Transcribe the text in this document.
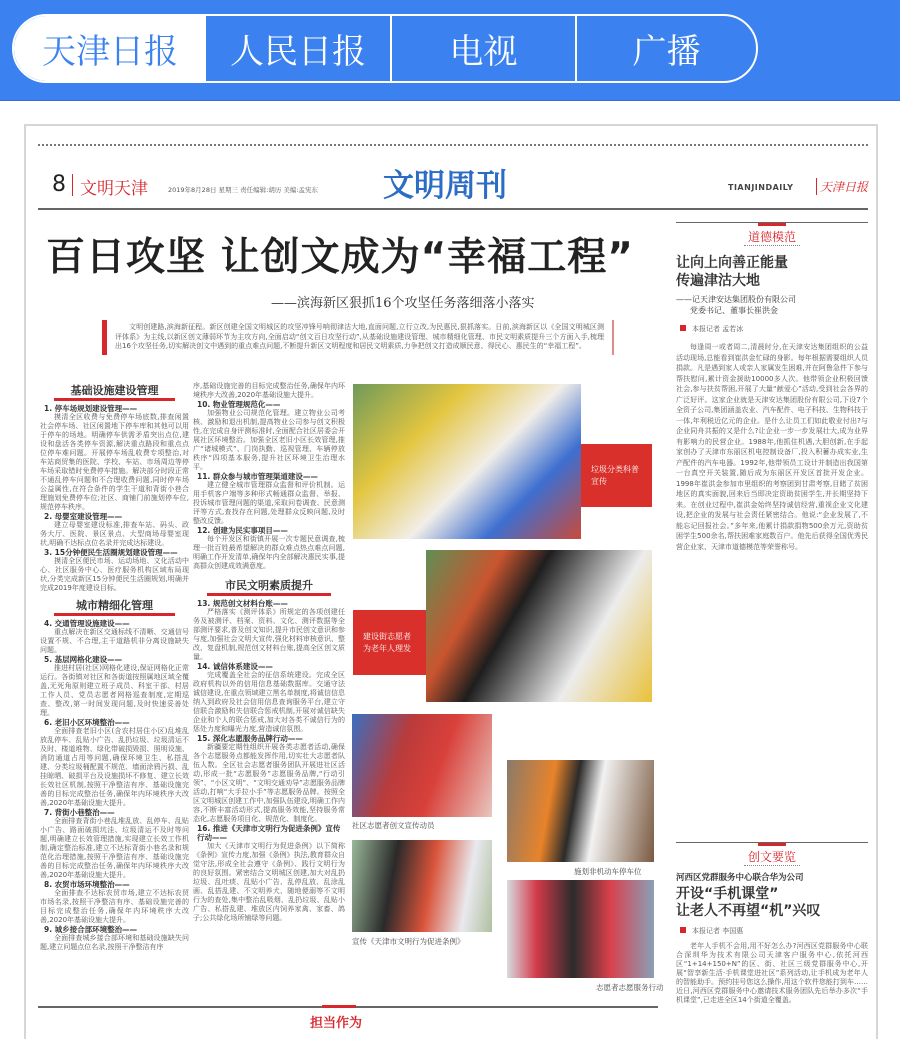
天津日报	人民日报	电视	广播
8 文明天津	2019年8月28日 星期三 责任编辑:胡历 美编:孟宪东 文明周刊	TIANJINDAILY	天津日报
百日攻坚 让创文成为“幸福工程”
——滨海新区狠抓16个攻坚任务落细落小落实
文明创建路,滨海新征程。新区创建全国文明城区的攻坚冲锋号响彻津沽大地,直面问题,立行立改,为民惠民,狠抓落实。日前,滨海新区以《全国文明城区测评体系》为主线,以新区创文薄弱环节为主攻方向,全面启动“创文百日攻坚行动”,从基础设施建设管理、城市精细化管理、市民文明素质提升三个方面入手,梳理出16个攻坚任务,切实解决创文中遇到的重点难点问题,不断提升新区文明程度和居民文明素质,力争把创文打造成顺民意、得民心、惠民生的“幸福工程”。
基础设施建设管理
1. 停车场规划建设管理——
摸清全区收费与免费停车场底数,排查闲置社会停车场、社区闲置地下停车库和其他可以用于停车的场地。明确停车供需矛盾突出点位,建设和盘活各类停车资源,解决重点路段和重点点位停车难问题。开展停车场乱收费专项整治,对车站商贸集的医院、学校、车站、市场周边等停车场采取错时免费停车措施。解决部分时段正常不通乱停车问题和不合理收费问题,同时停车场公益属性,在符合条件的学生干道和背街小巷合理施划免费停车位;社区、商铺门前施划停车位,规范停车秩序。
2. 母婴室建设管理——
建立母婴室建设标准,排查车站、码头、政务大厅、医院、景区景点、大型商场母婴室现状,明确不达标点位名录并完成达标建设。
3. 15分钟便民生活圈规划建设管理——
摸清全区便民市场、运动场地、文化活动中心、社区服务中心、医疗服务机构区域布局现状,分类完成新区15分钟便民生活圈规划,明确并完成2019年度建设目标。
城市精细化管理
4. 交通管理设施建设——
重点解决在新区交通标线不清晰、交通信号设置不规、不合理,主干道路机非分离设施缺失问题。
5. 基层网格化建设——
推进村居(社区)网格化建设,保证网格化正常运行。各街镇对社区和各街道按照属地区域全覆盖,无死角原则建立班子成员、科室干部、村居工作人员、党员志愿者网格巡查制度,定期巡查、整改,第一时间发现问题,及时快速妥善处理。
6. 老旧小区环境整治——
全面排查老旧小区(含农村居住小区)乱堆乱放乱停车、乱贴小广告、乱扔垃圾、垃圾清运不及时、楼道堆物、绿化带破损毁损、照明设施、消防通道占用等问题,确保环境卫生、私搭乱建、分类垃圾桶配置不规范、墙面涂鸦污损、乱挂晾晒、破损平台及设施损坏不修复、建立长效长效社区机制,按照干净整洁有序、基础设施完善的目标完成整治任务,确保年内环境秩序大改善,2020年基础设施大提升。
7. 背街小巷整治——
全面排查背街小巷乱堆乱放、乱停车、乱贴小广告、路面破损坑洼、垃圾清运不及时等问题,明确建立长效管理措施,实现建立长效工作机制,确定整治标准,建立不达标背街小巷名录和规范化治理措施,按照干净整洁有序、基础设施完善的目标完成整治任务,确保年内环境秩序大改善,2020年基础设施大提升。
8. 农贸市场环境整治——
全面排查不达标农贸市场,建立不达标农贸市场名录,按照干净整洁有序、基础设施完善的目标完成整治任务,确保年内环境秩序大改善,2020年基础设施大提升。
9. 城乡接合部环境整治——
全面排查城乡接合部环境和基础设施缺失问题,建立问题点位名录,按照干净整洁有序
序,基础设施完善的目标完成整治任务,确保年内环境秩序大改善,2020年基础设施大提升。
10. 物业管理规范化——
加强物业公司规范化管理。建立物业公司考核、激励和退出机制,提高物业公司参与创文积极性,在完成自身评测标准时,全面配合社区居委会开展社区环境整治。加强全区老旧小区长效管理,推广“诸城模式”、门岗执勤、巡视管理、车辆停放秩序“四项基本服务,提升社区环境卫生治理水平。
11. 群众参与城市管理渠道建设——
建立健全城市管理群众监督和评价机制。运用手机客户端等多种形式畅通群众监督、举报、投诉城市管理问题的渠道,采取问卷调查、民意测评等方式,查找存在问题,处理群众反映问题,及时整改反馈。
12. 创建为民实事项目——
每个开发区和街镇开展一次专题民意调查,梳理一批百姓最希望解决的群众难点热点难点问题,明确工作开发清单,确保年内全部解决惠民实事,提高群众创建成效满意度。
市民文明素质提升
13. 规范创文材料台账——
严格落实《测评体系》所规定的各项创建任务及被测评、档案、资料、文化、测评数据等全部测评要求,普及创文知识,提升市民创文意识和参与度,加强社会文明大宣传,强化材料审核意识、整改、复盘机制,规范创文材料台账,提高全区创文质量。
14. 诚信体系建设——
完成覆盖全社会的征信系统建设。完成全区政府机构以外的信用信息基础数据库。交通守法诚信建设,在重点领域建立黑名单制度,将诚信信息纳入到政府及社会信用信息查询服务平台,建立守信联合激励和失信联合惩戒机制,开展对诚信缺失企业和个人的联合惩戒,加大对各类不诚信行为的惩处力度和曝光力度,营造诚信氛围。
15. 深化志愿服务品牌行动——
新疆要定期性组织开展各类志愿者活动,确保各个志愿服务点都能发挥作用,切实壮大志愿者队伍人数。全区社会志愿者服务团队开展进社区活动,形成一批“志愿服务”志愿服务品牌,“行动引领”、“小区文明”、“文明交通劝导”志愿服务品牌活动,打响“大手拉小手”等志愿服务品牌。按照全区文明城区创建工作中,加强队伍建设,明确工作内容,不断丰富活动形式,提高服务效能,坚持服务常态化,志愿服务项目化、规范化、制度化。
16. 推进《天津市文明行为促进条例》宣传行动——
加大《天津市文明行为促进条例》以下简称《条例》宣传力度,加强《条例》执法,教育群众自觉守法,形成全社会遵守《条例》、践行文明行为的良好氛围。紧密结合文明城区创建,加大对乱扔垃圾、乱吐痰、乱贴小广告、乱停乱放、乱涂乱画、乱搭乱建、不文明养犬、随地便溺等不文明行为的查处,集中整治乱吸烟、乱扔垃圾、乱贴小广告、私搭乱建、堆放区内饲养家禽、家畜、鸽子;公共绿化场所铺绿等问题。
垃圾分类科普宣传
建设街志愿者为老年人理发
社区志愿者创文宣传动员
施划非机动车停车位
宣传《天津市文明行为促进条例》
志愿者志愿服务行动
道德模范
让向上向善正能量
传遍津沽大地
——记天津安达集团股份有限公司
党委书记、董事长崔洪金
本报记者 孟若冰
每逢周一或者周二,清晨时分,在天津安达集团组织的公益活动现场,总能看到崔洪金忙碌的身影。每年根据需要组织人员捐款。凡是遇到家人或亲人家属发生困难,并在阿鲁急件下参与帮扶慰问,累计资金援助10000多人次。他带领企业积极回馈社会,参与扶贫帮困,开展了大量“献爱心”活动,受到社会各界的广泛好评。这家企业就是天津安达集团股份有限公司,下设7个全资子公司,集团涵盖农业、汽车配件、电子科技、生物科技于一体,年利税近亿元的企业。是什么让员工们如此敬业付出?与企业同舟共振的又是什么?让企业一步一步发展壮大,成为业界有影响力的民营企业。1988年,他抓住机遇,大胆创新,在手起家创办了天津市东丽区机电控制设备厂,投入积蓄办成实业,生产配件的汽车电器。1992年,他带领员工设计并制造出我国第一台真空开关装置,随后成为东丽区开发区首批开发企业。1998年崔洪金参加市里组织的考察团到甘肃考察,目睹了贫困地区的真实面貌,回来后当即决定资助贫困学生,并长期坚持下来。在创业过程中,崔洪金始终坚持诚信经营,重视企业文化建设,把企业的发展与社会责任紧密结合。他说:“企业发展了,不能忘记回报社会。”多年来,他累计捐款捐物500余万元,资助贫困学生500余名,帮扶困难家庭数百户。他先后获得全国优秀民营企业家、天津市道德模范等荣誉称号。
创文要览
河西区党群服务中心联合华为公司
开设“手机课堂”
让老人不再望“机”兴叹
本报记者 李国惠
老年人手机不会用,用不好怎么办?河西区党群服务中心联合深圳华为技术有限公司天津客户服务中心,依托河西区“1+14+150+N”的区、街、社区三级党群服务中心,开展“智享新生活·手机课堂进社区”系列活动,让手机成为老年人的智能助手。预约挂号您这么操作,用这个软件您能打到车……近日,河西区党群服务中心邀请技术服务团队先后举办多次“手机课堂”,已走进全区14个街道全覆盖。
担当作为
